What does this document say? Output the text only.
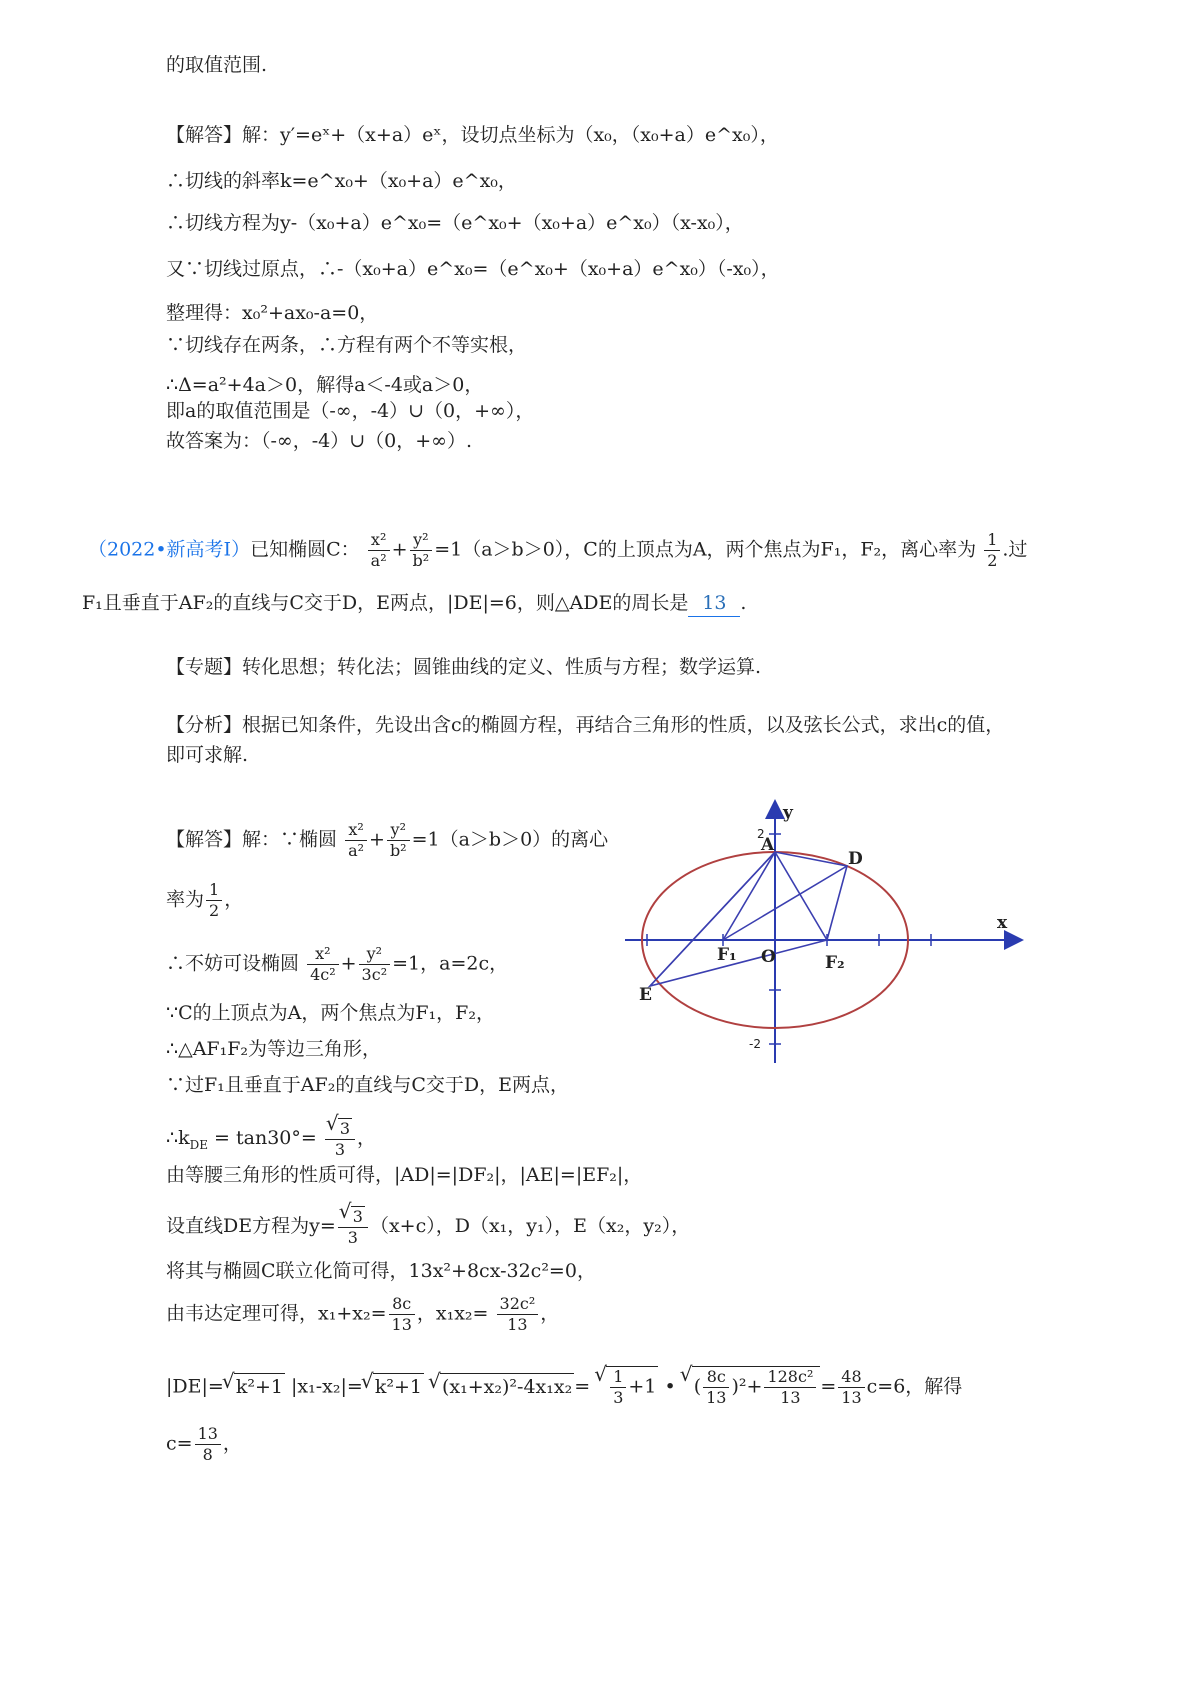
的取值范围.
【解答】解：y′=eˣ+（x+a）eˣ，设切点坐标为（x₀，（x₀+a）e^x₀），
∴切线的斜率k=e^x₀+（x₀+a）e^x₀，
∴切线方程为y-（x₀+a）e^x₀=（e^x₀+（x₀+a）e^x₀）（x-x₀），
又∵切线过原点，∴-（x₀+a）e^x₀=（e^x₀+（x₀+a）e^x₀）（-x₀），
整理得：x₀²+ax₀-a=0，
∵切线存在两条，∴方程有两个不等实根，
∴Δ=a²+4a＞0，解得a＜-4或a＞0，
即a的取值范围是（-∞，-4）∪（0，+∞），
故答案为：（-∞，-4）∪（0，+∞）.
（2022•新高考Ⅰ）已知椭圆C： $\frac{\text{x²}}{\text{a²}} + \frac{\text{y²}}{\text{b²}} =1(a>b>0)$，C的上顶点为A，两个焦点为F₁，F₂，离心率为 $\frac{1}{2}$ .过
F₁且垂直于AF₂的直线与C交于D，E两点，|DE|=6，则△ADE的周长是 13 .
【专题】转化思想；转化法；圆锥曲线的定义、性质与方程；数学运算.
【分析】根据已知条件，先设出含c的椭圆方程，再结合三角形的性质，以及弦长公式，求出c的值，
即可求解.
【解答】解：∵椭圆 $\frac{\text{x²}}{\text{a²}} + \frac{\text{y²}}{\text{b²}} =1(a>b>0)$的离心
率为 $\frac{1}{2}$ ，
∴不妨可设椭圆 $\frac{\text{x²}}{\text{4c²}} + \frac{\text{y²}}{\text{3c²}} =1$，a=2c，
∵C的上顶点为A，两个焦点为F₁，F₂，
∴△AF₁F₂为等边三角形，
∵过F₁且垂直于AF₂的直线与C交于D，E两点，
$\therefore k_{DE} = \tan 30^\circ=$ √ $\frac{3}{3}$ ，
由等腰三角形的性质可得，|AD|=|DF₂|，|AE|=|EF₂|，
设直线DE方程为y= √ $\frac{3}{3} (x+c)$，D（x₁，y₁），E（x₂，y₂），
将其与椭圆C联立化简可得，13x²+8cx-32c²=0，
由韦达定理可得，$x_1+x_2= \frac{8c}{13}$ ，$x_1x_2= \frac{\text{32c²}}{13}$ ，
|DE|= √ k²+1 |x₁-x₂|= √ k²+1 √ (x₁+x₂)²-4x₁x₂ = √ $\frac{1}{3} +1$ • √ ( $\frac{8c}{13} )^2+ \frac{\text{128c²}}{13} = \frac{48}{13} c=6$，解得
$c= \frac{13}{8}$ ，
y
x
A
D
E
F₁	F₂
O
2
-2
